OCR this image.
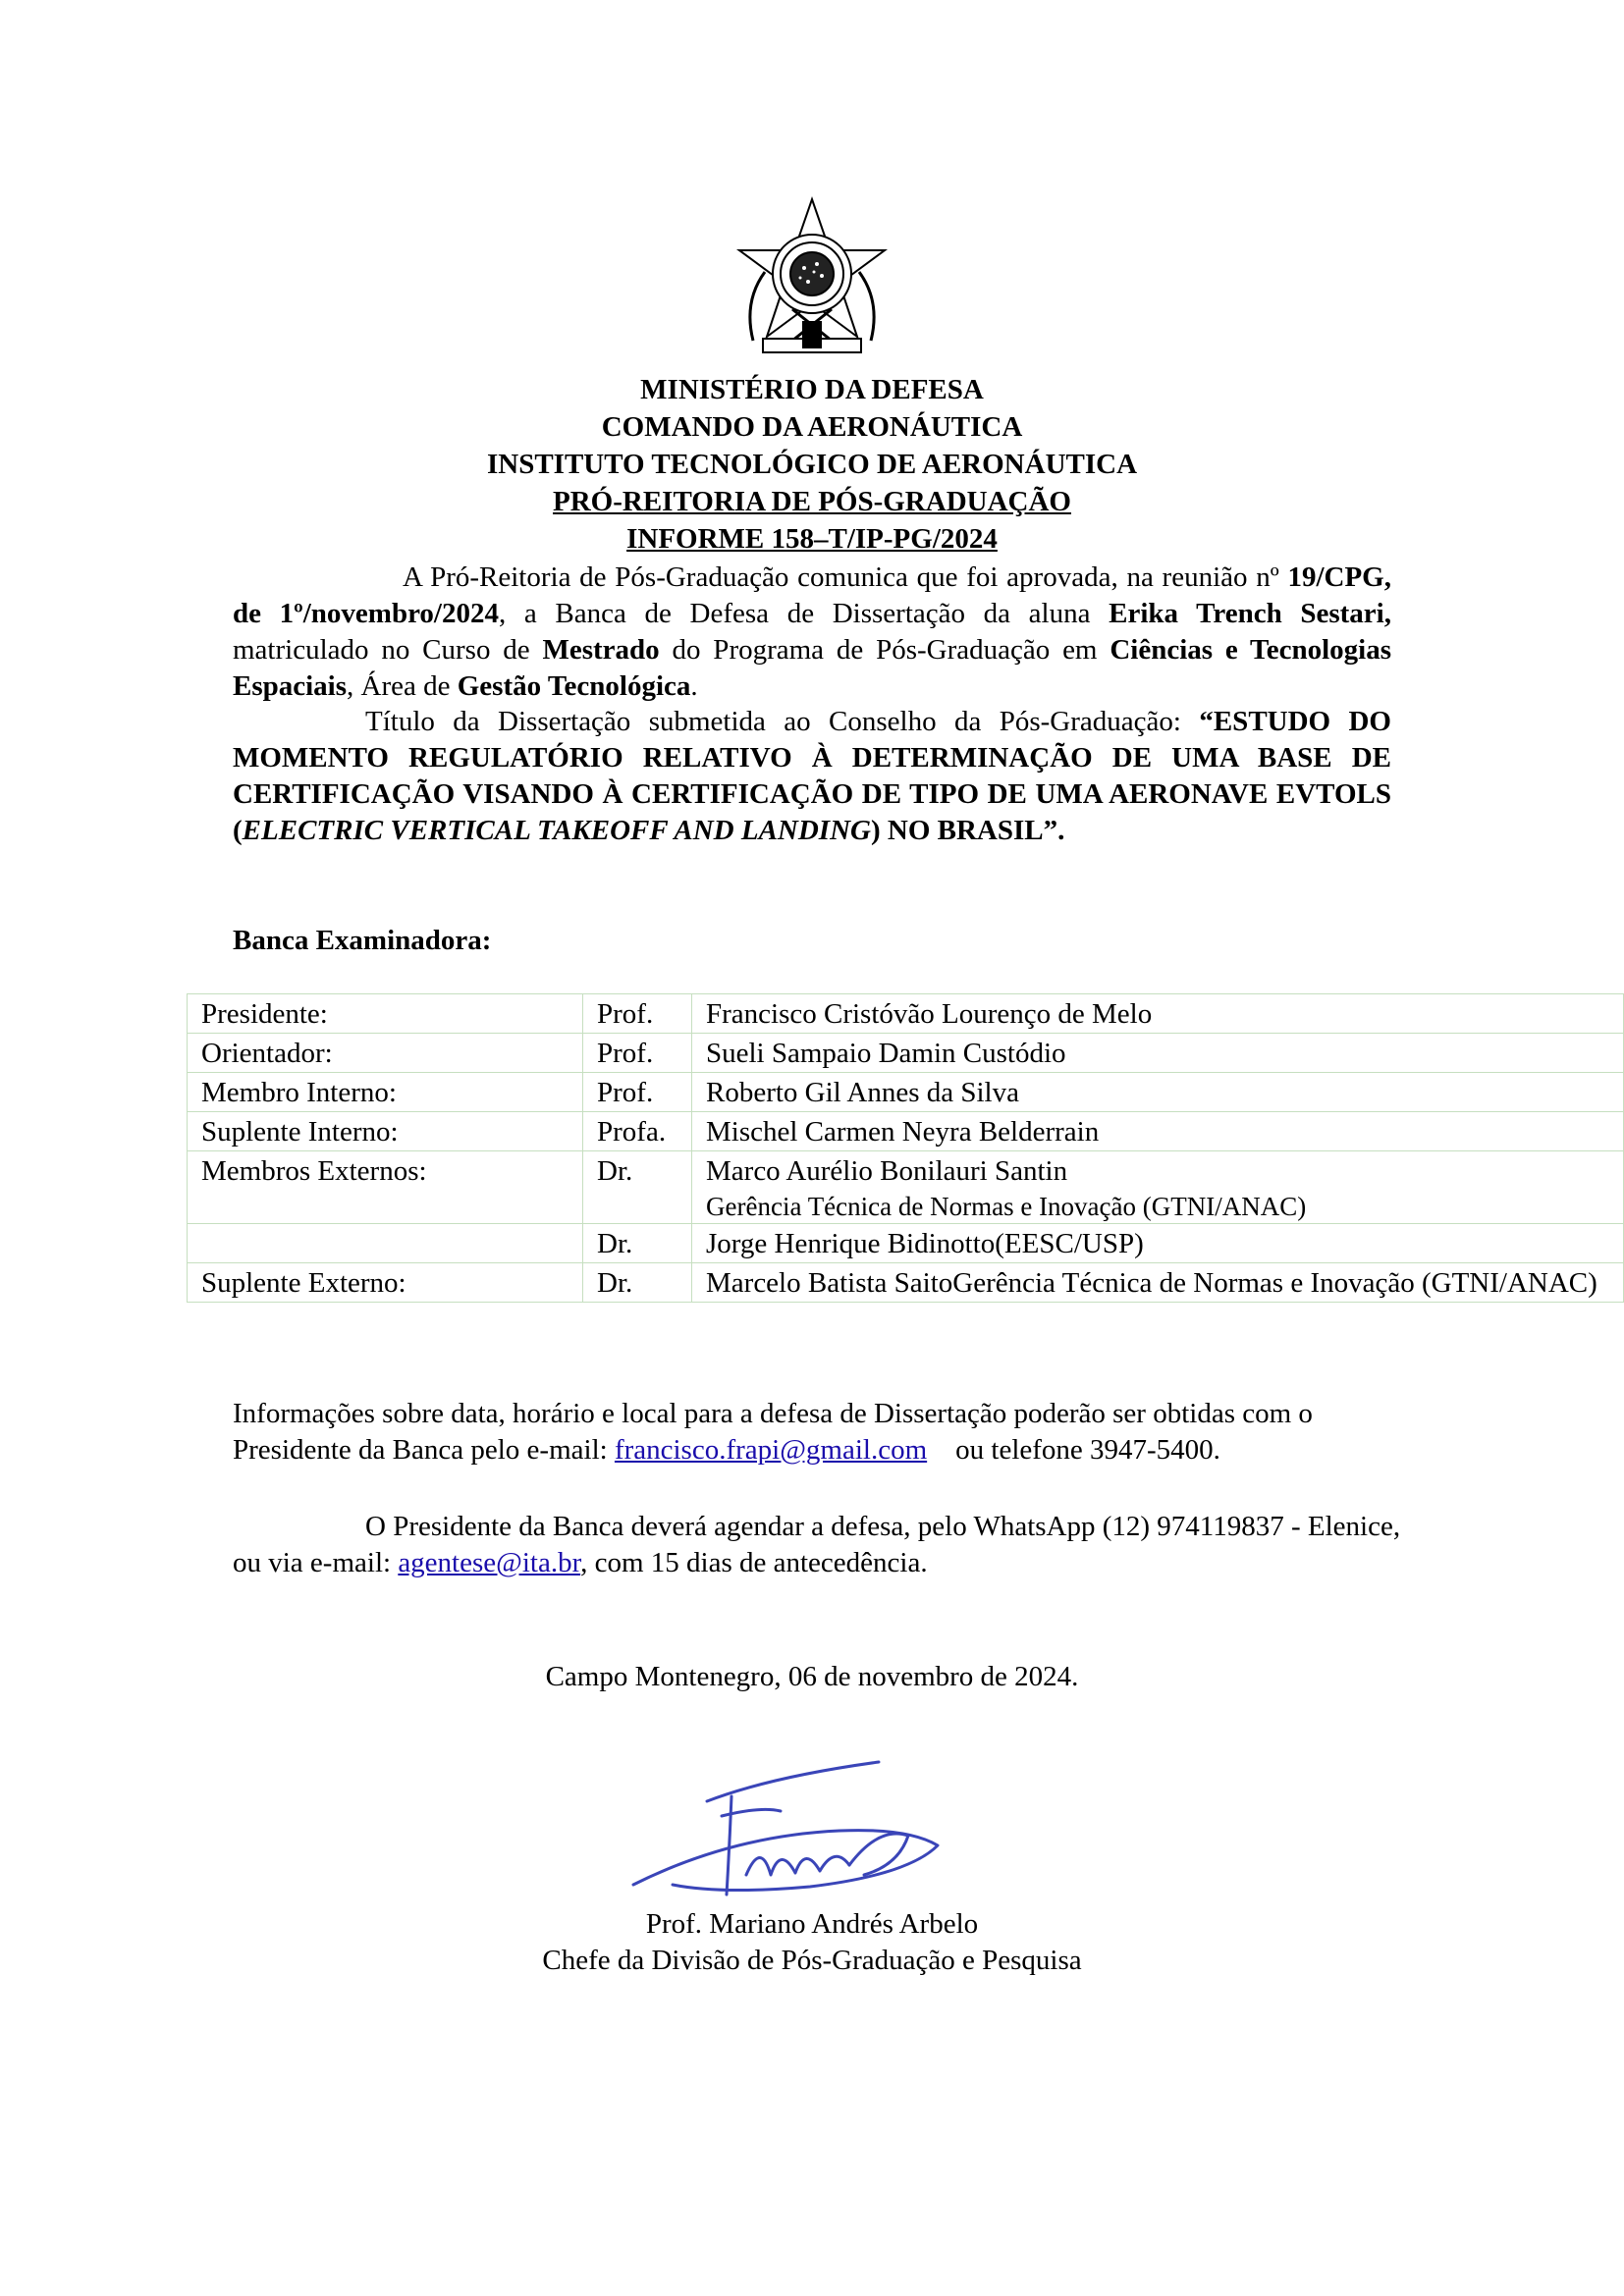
MINISTÉRIO DA DEFESA
COMANDO DA AERONÁUTICA
INSTITUTO TECNOLÓGICO DE AERONÁUTICA
PRÓ-REITORIA DE PÓS-GRADUAÇÃO
INFORME 158–T/IP-PG/2024
A Pró-Reitoria de Pós-Graduação comunica que foi aprovada, na reunião nº 19/CPG, de 1º/novembro/2024, a Banca de Defesa de Dissertação da aluna Erika Trench Sestari, matriculado no Curso de Mestrado do Programa de Pós-Graduação em Ciências e Tecnologias Espaciais, Área de Gestão Tecnológica.
Título da Dissertação submetida ao Conselho da Pós-Graduação: “ESTUDO DO MOMENTO REGULATÓRIO RELATIVO À DETERMINAÇÃO DE UMA BASE DE CERTIFICAÇÃO VISANDO À CERTIFICAÇÃO DE TIPO DE UMA AERONAVE EVTOLS (ELECTRIC VERTICAL TAKEOFF AND LANDING) NO BRASIL”.
Banca Examinadora:
Presidente:	Prof.	Francisco Cristóvão Lourenço de Melo
Orientador:	Prof.	Sueli Sampaio Damin Custódio
Membro Interno:	Prof.	Roberto Gil Annes da Silva
Suplente Interno:	Profa.	Mischel Carmen Neyra Belderrain
Membros Externos:	Dr.	Marco Aurélio Bonilauri Santin
Gerência Técnica de Normas e Inovação (GTNI/ANAC)

	Dr.	Jorge Henrique Bidinotto(EESC/USP)
Suplente Externo:	Dr.	Marcelo Batista SaitoGerência Técnica de Normas e Inovação (GTNI/ANAC)
Informações sobre data, horário e local para a defesa de Dissertação poderão ser obtidas com o Presidente da Banca pelo e-mail: francisco.frapi@gmail.com    ou telefone 3947-5400.
O Presidente da Banca deverá agendar a defesa, pelo WhatsApp (12) 974119837 - Elenice, ou via e-mail: agentese@ita.br, com 15 dias de antecedência.
Campo Montenegro, 06 de novembro de 2024.
Prof. Mariano Andrés Arbelo
Chefe da Divisão de Pós-Graduação e Pesquisa
